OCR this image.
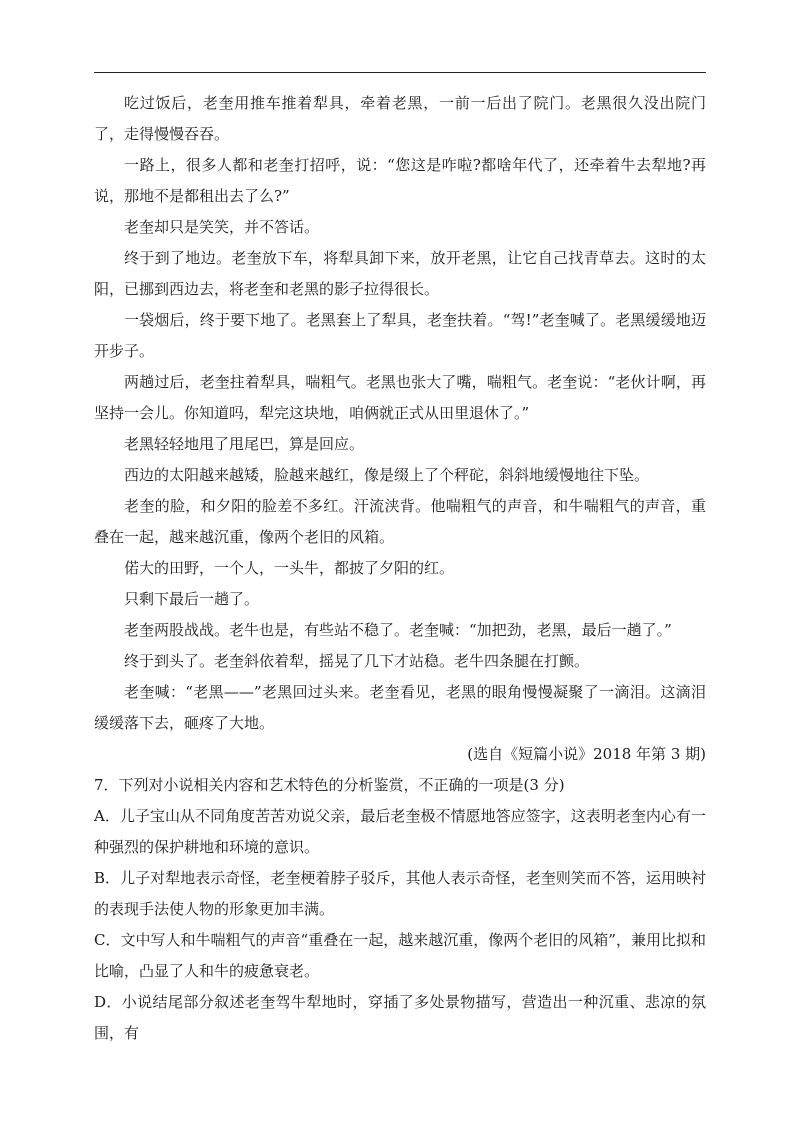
吃过饭后，老奎用推车推着犁具，牵着老黑，一前一后出了院门。老黑很久没出院门了，走得慢慢吞吞。

一路上，很多人都和老奎打招呼，说：“您这是咋啦?都啥年代了，还牵着牛去犁地?再说，那地不是都租出去了么?”

老奎却只是笑笑，并不答话。

终于到了地边。老奎放下车，将犁具卸下来，放开老黑，让它自己找青草去。这时的太阳，已挪到西边去，将老奎和老黑的影子拉得很长。

一袋烟后，终于要下地了。老黑套上了犁具，老奎扶着。“驾!”老奎喊了。老黑缓缓地迈开步子。

两趟过后，老奎拄着犁具，喘粗气。老黑也张大了嘴，喘粗气。老奎说：“老伙计啊，再坚持一会儿。你知道吗，犁完这块地，咱俩就正式从田里退休了。”

老黑轻轻地甩了甩尾巴，算是回应。

西边的太阳越来越矮，脸越来越红，像是缀上了个秤砣，斜斜地缓慢地往下坠。

老奎的脸，和夕阳的脸差不多红。汗流浃背。他喘粗气的声音，和牛喘粗气的声音，重叠在一起，越来越沉重，像两个老旧的风箱。

偌大的田野，一个人，一头牛，都披了夕阳的红。

只剩下最后一趟了。

老奎两股战战。老牛也是，有些站不稳了。老奎喊：“加把劲，老黑，最后一趟了。”

终于到头了。老奎斜依着犁，摇晃了几下才站稳。老牛四条腿在打颤。

老奎喊：“老黑——”老黑回过头来。老奎看见，老黑的眼角慢慢凝聚了一滴泪。这滴泪缓缓落下去，砸疼了大地。

(选自《短篇小说》2018 年第 3 期)

7．下列对小说相关内容和艺术特色的分析鉴赏，不正确的一项是(3 分)

A．儿子宝山从不同角度苦苦劝说父亲，最后老奎极不情愿地答应签字，这表明老奎内心有一种强烈的保护耕地和环境的意识。

B．儿子对犁地表示奇怪，老奎梗着脖子驳斥，其他人表示奇怪，老奎则笑而不答，运用映衬的表现手法使人物的形象更加丰满。

C．文中写人和牛喘粗气的声音“重叠在一起，越来越沉重，像两个老旧的风箱”，兼用比拟和比喻，凸显了人和牛的疲惫衰老。

D．小说结尾部分叙述老奎驾牛犁地时，穿插了多处景物描写，营造出一种沉重、悲凉的氛围，有
